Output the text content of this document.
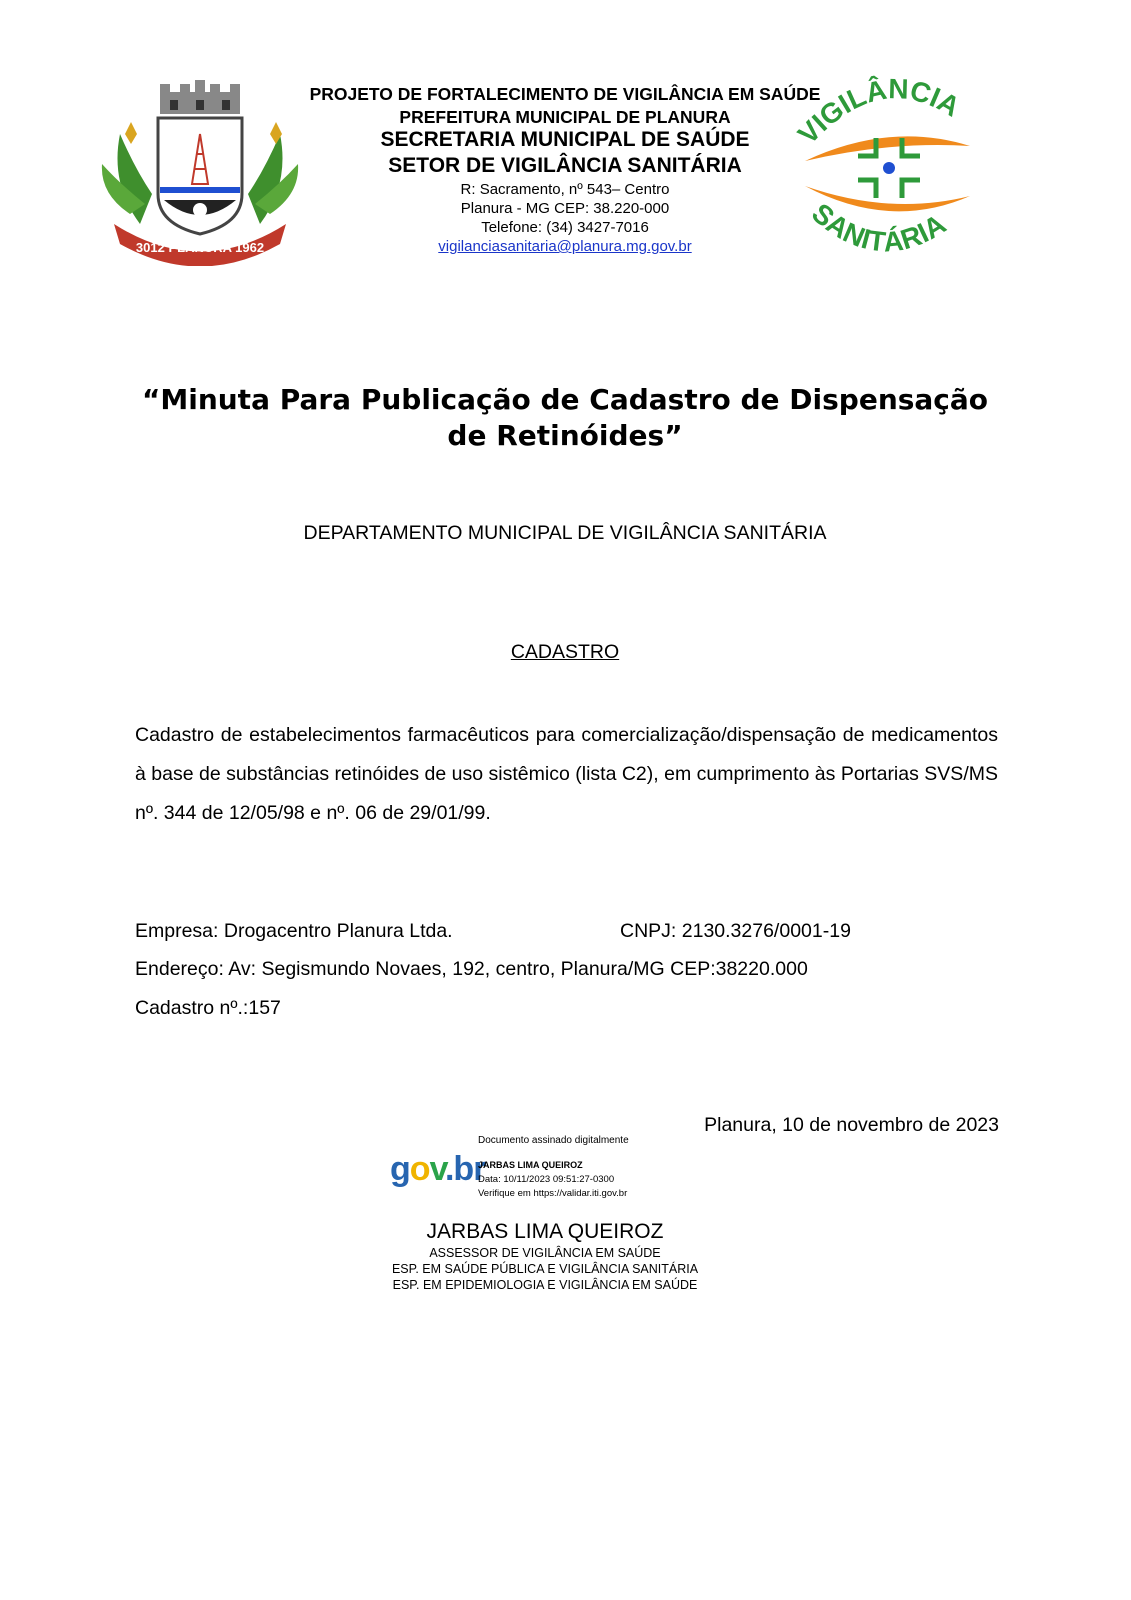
3012 PLANURA 1962
PROJETO DE FORTALECIMENTO DE VIGILÂNCIA EM SAÚDE
PREFEITURA MUNICIPAL DE PLANURA
SECRETARIA MUNICIPAL DE SAÚDE
SETOR DE VIGILÂNCIA SANITÁRIA
R: Sacramento, nº 543– Centro
Planura - MG CEP: 38.220-000
Telefone: (34) 3427-7016
vigilanciasanitaria@planura.mg.gov.br
VIGILÂNCIA
SANITÁRIA
“Minuta Para Publicação de Cadastro de Dispensação de Retinóides”
DEPARTAMENTO MUNICIPAL DE VIGILÂNCIA SANITÁRIA
CADASTRO
Cadastro de estabelecimentos farmacêuticos para comercialização/dispensação de medicamentos à base de substâncias retinóides de uso sistêmico (lista C2), em cumprimento às Portarias SVS/MS nº. 344 de 12/05/98 e nº. 06 de 29/01/99.
Empresa: Drogacentro Planura Ltda.	CNPJ: 2130.3276/0001-19
Endereço: Av: Segismundo Novaes, 192, centro, Planura/MG CEP:38220.000
Cadastro nº.:157
Planura, 10 de novembro de 2023
gov.br
Documento assinado digitalmente
JARBAS LIMA QUEIROZ
Data: 10/11/2023 09:51:27-0300
Verifique em https://validar.iti.gov.br
JARBAS LIMA QUEIROZ
ASSESSOR DE VIGILÂNCIA EM SAÚDE
ESP. EM SAÚDE PÚBLICA E VIGILÂNCIA SANITÁRIA
ESP. EM EPIDEMIOLOGIA E VIGILÂNCIA EM SAÚDE
